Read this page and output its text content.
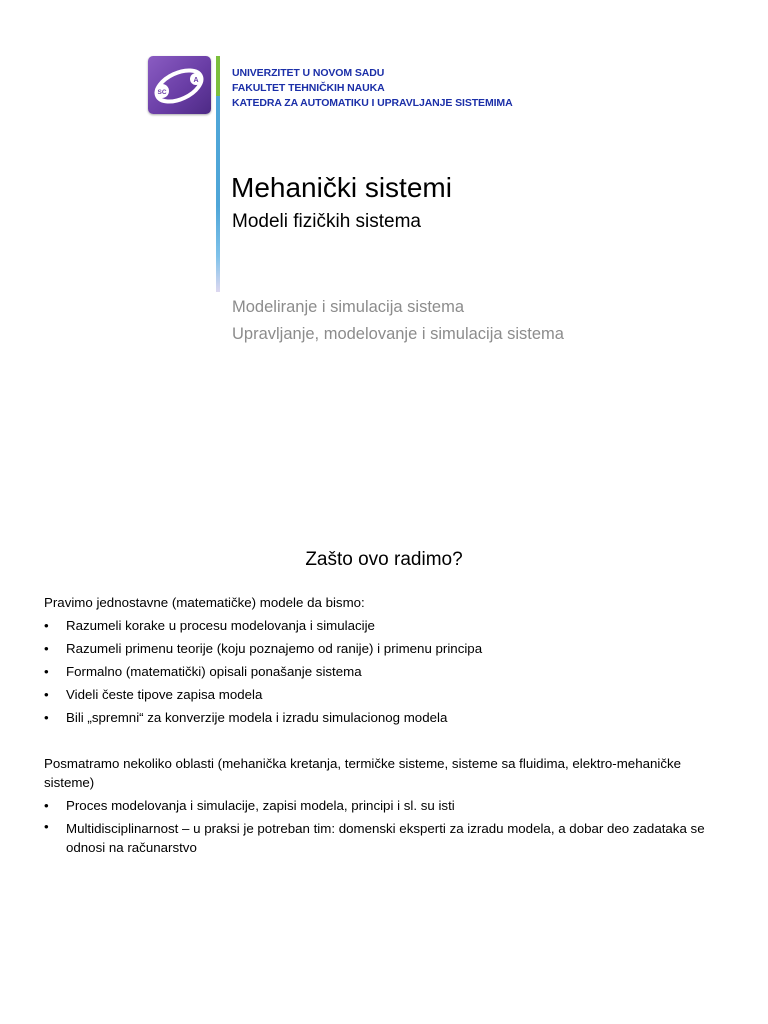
SC
A
UNIVERZITET U NOVOM SADU
FAKULTET TEHNIČKIH NAUKA
KATEDRA ZA AUTOMATIKU I UPRAVLJANJE SISTEMIMA
Mehanički sistemi
Modeli fizičkih sistema
Modeliranje i simulacija sistema
Upravljanje, modelovanje i simulacija sistema
Zašto ovo radimo?

Pravimo jednostavne (matematičke) modele da bismo:

• Razumeli korake u procesu modelovanja i simulacije
• Razumeli primenu teorije (koju poznajemo od ranije) i primenu principa
• Formalno (matematički) opisali ponašanje sistema
• Videli česte tipove zapisa modela
• Bili „spremni“ za konverzije modela i izradu simulacionog modela

Posmatramo nekoliko oblasti (mehanička kretanja, termičke sisteme, sisteme sa fluidima, elektro-mehaničke sisteme)

• Proces modelovanja i simulacije, zapisi modela, principi i sl. su isti
• Multidisciplinarnost – u praksi je potreban tim: domenski eksperti za izradu modela, a dobar deo zadataka se odnosi na računarstvo
